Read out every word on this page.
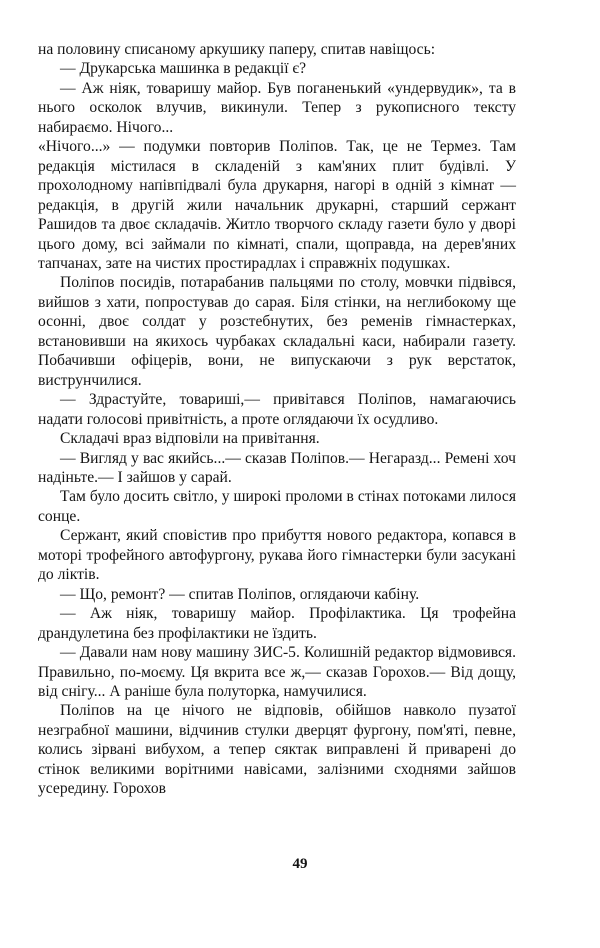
на половину списаному аркушику паперу, спитав навіщось:

— Друкарська машинка в редакції є?

— Аж ніяк, товаришу майор. Був поганенький «ундервудик», та в нього осколок влучив, викинули. Тепер з рукописного тексту набираємо. Нічого...

«Нічого...» — подумки повторив Поліпов. Так, це не Термез. Там редакція містилася в складеній з кам'яних плит будівлі. У прохолодному напівпідвалі була друкарня, нагорі в одній з кімнат — редакція, в другій жили начальник друкарні, старший сержант Рашидов та двоє складачів. Житло творчого складу газети було у дворі цього дому, всі займали по кімнаті, спали, щоправда, на дерев'яних тапчанах, зате на чистих простирадлах і справжніх подушках.

Поліпов посидів, потарабанив пальцями по столу, мовчки підвівся, вийшов з хати, попростував до сарая. Біля стінки, на неглибокому ще осонні, двоє солдат у розстебнутих, без ременів гімнастерках, встановивши на якихось чурбаках складальні каси, набирали газету. Побачивши офіцерів, вони, не випускаючи з рук верстаток, виструнчилися.

— Здрастуйте, товариші,— привітався Поліпов, намагаючись надати голосові привітність, а проте оглядаючи їх осудливо.

Складачі враз відповіли на привітання.

— Вигляд у вас якийсь...— сказав Поліпов.— Негаразд... Ремені хоч надіньте.— І зайшов у сарай.

Там було досить світло, у широкі проломи в стінах потоками лилося сонце.

Сержант, який сповістив про прибуття нового редактора, копався в моторі трофейного автофургону, рукава його гімнастерки були засукані до ліктів.

— Що, ремонт? — спитав Поліпов, оглядаючи кабіну.

— Аж ніяк, товаришу майор. Профілактика. Ця трофейна драндулетина без профілактики не їздить.

— Давали нам нову машину ЗИС-5. Колишній редактор відмовився. Правильно, по-моєму. Ця вкрита все ж,— сказав Горохов.— Від дощу, від снігу... А раніше була полуторка, намучилися.

Поліпов на це нічого не відповів, обійшов навколо пузатої незграбної машини, відчинив стулки дверцят фургону, пом'яті, певне, колись зірвані вибухом, а тепер сяктак виправлені й приварені до стінок великими ворітними навісами, залізними сходнями зайшов усередину. Горохов

49
